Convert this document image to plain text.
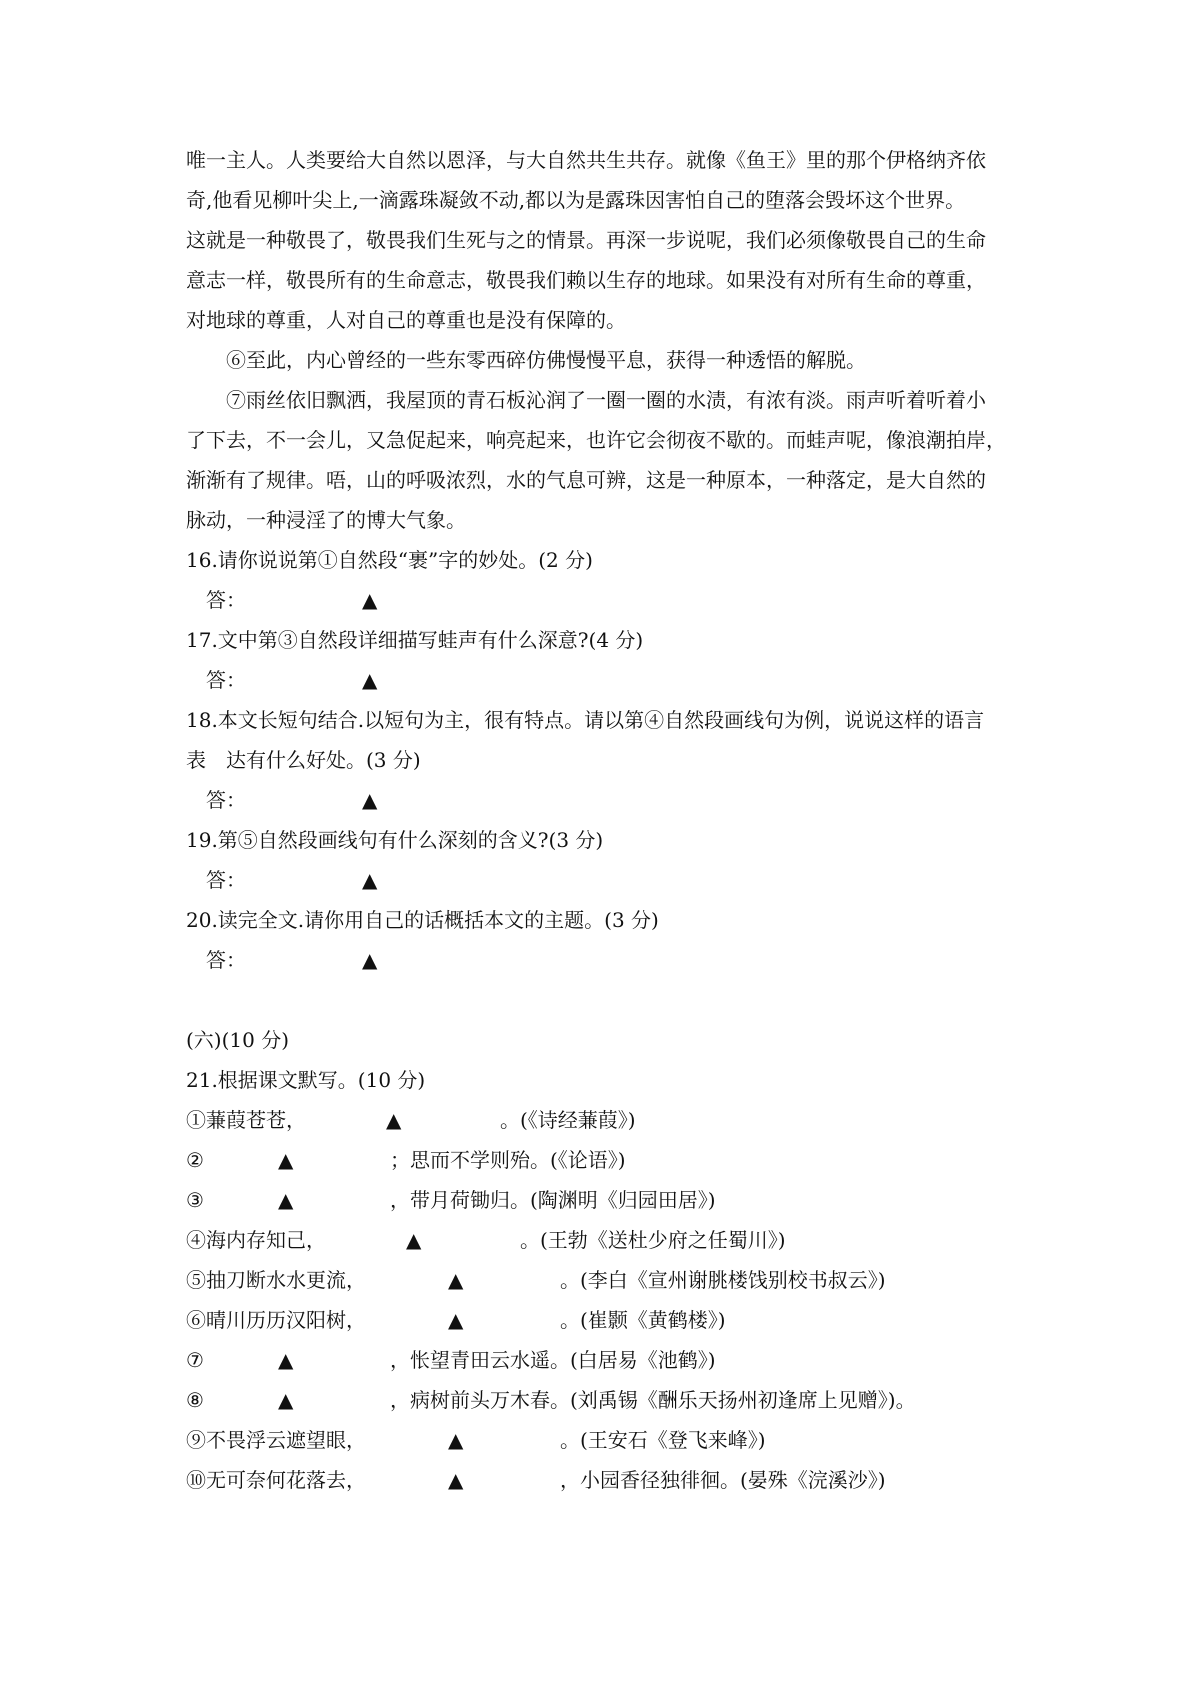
唯一主人。人类要给大自然以恩泽，与大自然共生共存。就像《鱼王》里的那个伊格纳齐依
奇,他看见柳叶尖上,一滴露珠凝敛不动,都以为是露珠因害怕自己的堕落会毁坏这个世界。
这就是一种敬畏了，敬畏我们生死与之的情景。再深一步说呢，我们必须像敬畏自己的生命
意志一样，敬畏所有的生命意志，敬畏我们赖以生存的地球。如果没有对所有生命的尊重，
对地球的尊重，人对自己的尊重也是没有保障的。
⑥至此，内心曾经的一些东零西碎仿佛慢慢平息，获得一种透悟的解脱。
⑦雨丝依旧飘洒，我屋顶的青石板沁润了一圈一圈的水渍，有浓有淡。雨声听着听着小
了下去，不一会儿，又急促起来，响亮起来，也许它会彻夜不歇的。而蛙声呢，像浪潮拍岸，
渐渐有了规律。唔，山的呼吸浓烈，水的气息可辨，这是一种原本，一种落定，是大自然的
脉动，一种浸淫了的博大气象。
16.请你说说第①自然段“裹”字的妙处。(2 分)
答：	▲
17.文中第③自然段详细描写蛙声有什么深意?(4 分)
答：	▲
18.本文长短句结合.以短句为主，很有特点。请以第④自然段画线句为例，说说这样的语言
表　达有什么好处。(3 分)
答：	▲
19.第⑤自然段画线句有什么深刻的含义?(3 分)
答：	▲
20.读完全文.请你用自己的话概括本文的主题。(3 分)
答：	▲
(六)(10 分)
21.根据课文默写。(10 分)
①蒹葭苍苍，	▲	。(《诗经蒹葭》)
②	▲	；思而不学则殆。(《论语》)
③	▲	，带月荷锄归。(陶渊明《归园田居》)
④海内存知己，	▲	。(王勃《送杜少府之任蜀川》)
⑤抽刀断水水更流，	▲	。(李白《宣州谢朓楼饯别校书叔云》)
⑥晴川历历汉阳树，	▲	。(崔颢《黄鹤楼》)
⑦	▲	，怅望青田云水遥。(白居易《池鹤》)
⑧	▲	，病树前头万木春。(刘禹锡《酬乐天扬州初逢席上见赠》)。
⑨不畏浮云遮望眼，	▲	。(王安石《登飞来峰》)
⑩无可奈何花落去，	▲	，小园香径独徘徊。(晏殊《浣溪沙》)
